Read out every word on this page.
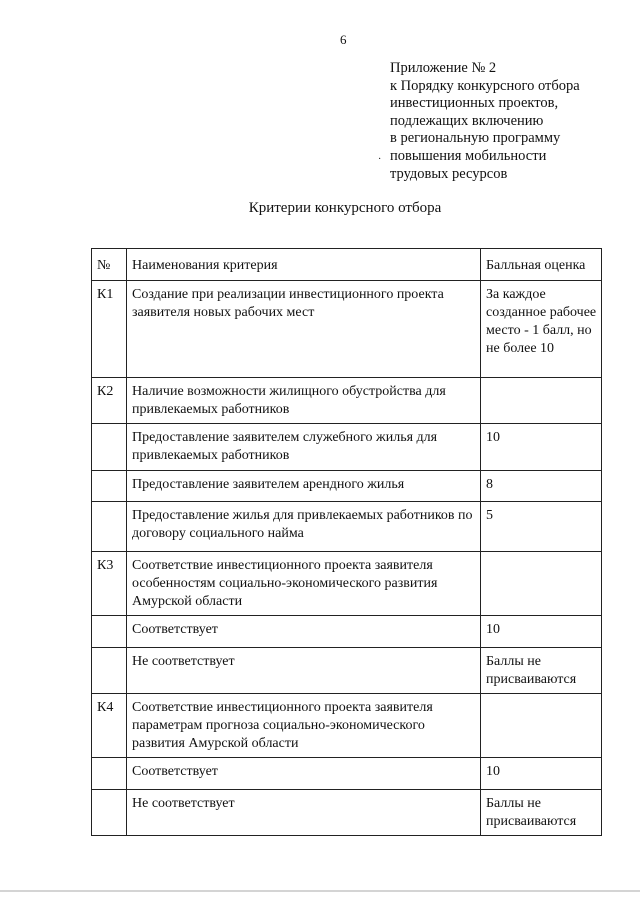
6
Приложение № 2
к Порядку конкурсного отбора
инвестиционных проектов,
подлежащих включению
в региональную программу
повышения мобильности
трудовых ресурсов
·
Критерии конкурсного отбора
№	Наименования критерия	Балльная оценка
К1	Создание при реализации инвестиционного проекта заявителя новых рабочих мест	За каждое созданное рабочее место - 1 балл, но не более 10
К2	Наличие возможности жилищного обустройства для привлекаемых работников	
	Предоставление заявителем служебного жилья для привлекаемых работников	10
	Предоставление заявителем арендного жилья	8
	Предоставление жилья для привлекаемых работников по договору социального найма	5
К3	Соответствие инвестиционного проекта заявителя особенностям социально-экономического развития Амурской области	
	Соответствует	10
	Не соответствует	Баллы не присваиваются
К4	Соответствие инвестиционного проекта заявителя параметрам прогноза социально-экономического развития Амурской области	
	Соответствует	10
	Не соответствует	Баллы не присваиваются
